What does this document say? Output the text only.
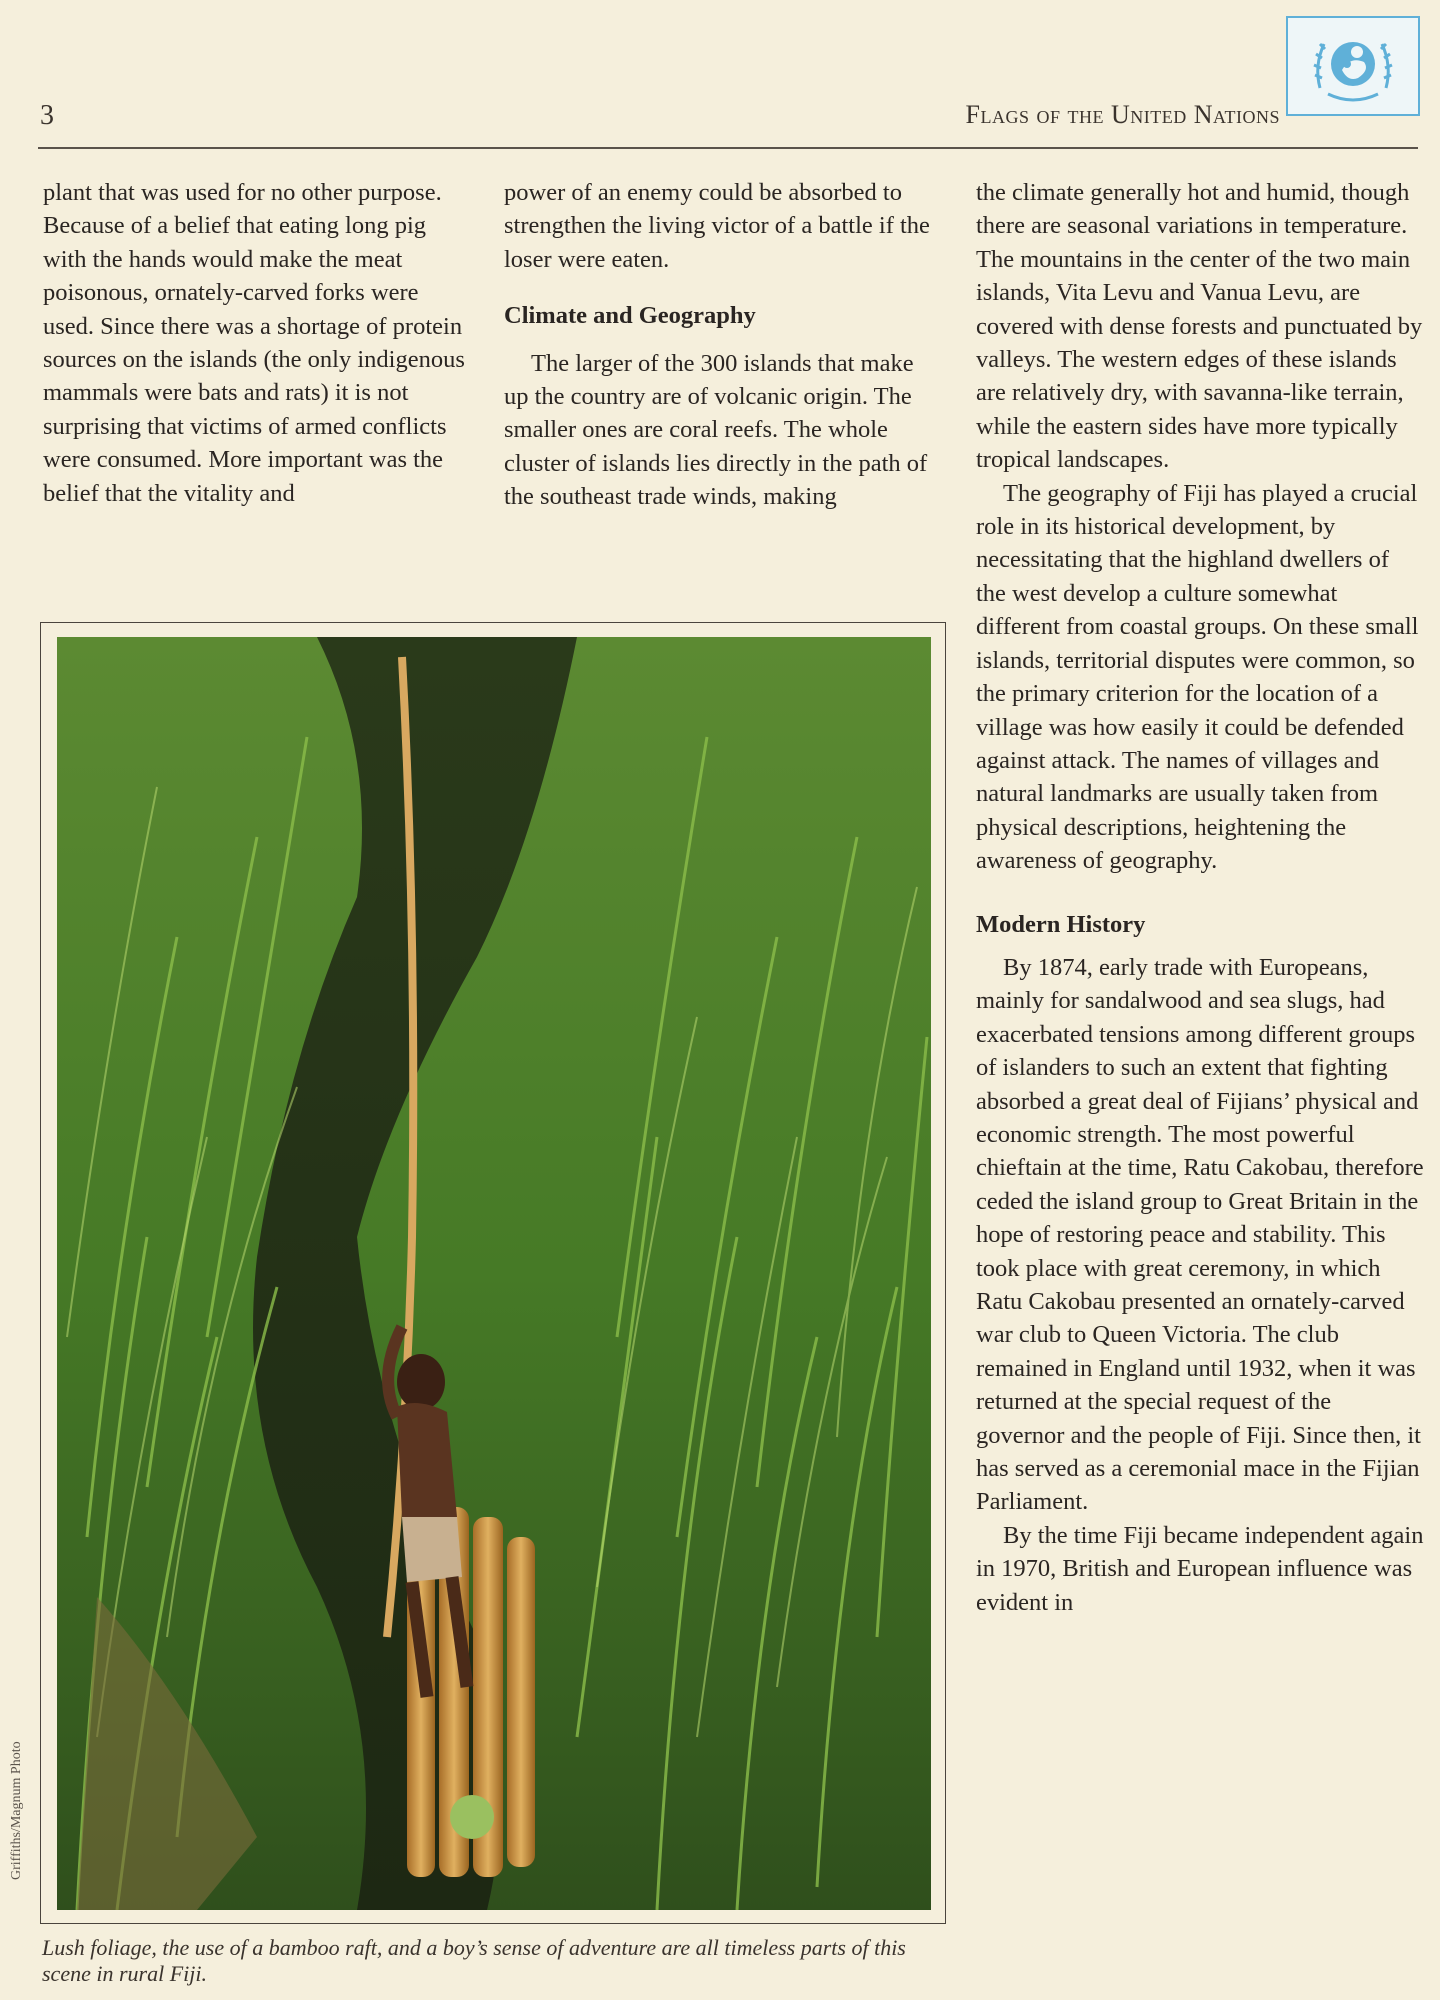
3	Flags of the United Nations

plant that was used for no other purpose. Because of a belief that eating long pig with the hands would make the meat poisonous, ornately-carved forks were used. Since there was a shortage of protein sources on the islands (the only indigenous mammals were bats and rats) it is not surprising that victims of armed conflicts were consumed. More important was the belief that the vitality and

power of an enemy could be absorbed to strengthen the living victor of a battle if the loser were eaten.

Climate and Geography

The larger of the 300 islands that make up the country are of volcanic origin. The smaller ones are coral reefs. The whole cluster of islands lies directly in the path of the southeast trade winds, making

the climate generally hot and humid, though there are seasonal variations in temperature. The mountains in the center of the two main islands, Vita Levu and Vanua Levu, are covered with dense forests and punctuated by valleys. The western edges of these islands are relatively dry, with savanna-like terrain, while the eastern sides have more typically tropical landscapes.

The geography of Fiji has played a crucial role in its historical development, by necessitating that the highland dwellers of the west develop a culture somewhat different from coastal groups. On these small islands, territorial disputes were common, so the primary criterion for the location of a village was how easily it could be defended against attack. The names of villages and natural landmarks are usually taken from physical descriptions, heightening the awareness of geography.

Modern History

By 1874, early trade with Europeans, mainly for sandalwood and sea slugs, had exacerbated tensions among different groups of islanders to such an extent that fighting absorbed a great deal of Fijians’ physical and economic strength. The most powerful chieftain at the time, Ratu Cakobau, therefore ceded the island group to Great Britain in the hope of restoring peace and stability. This took place with great ceremony, in which Ratu Cakobau presented an ornately-carved war club to Queen Victoria. The club remained in England until 1932, when it was returned at the special request of the governor and the people of Fiji. Since then, it has served as a ceremonial mace in the Fijian Parliament.

By the time Fiji became independent again in 1970, British and European influence was evident in

Griffiths/Magnum Photo
Lush foliage, the use of a bamboo raft, and a boy’s sense of adventure are all timeless parts of this scene in rural Fiji.
